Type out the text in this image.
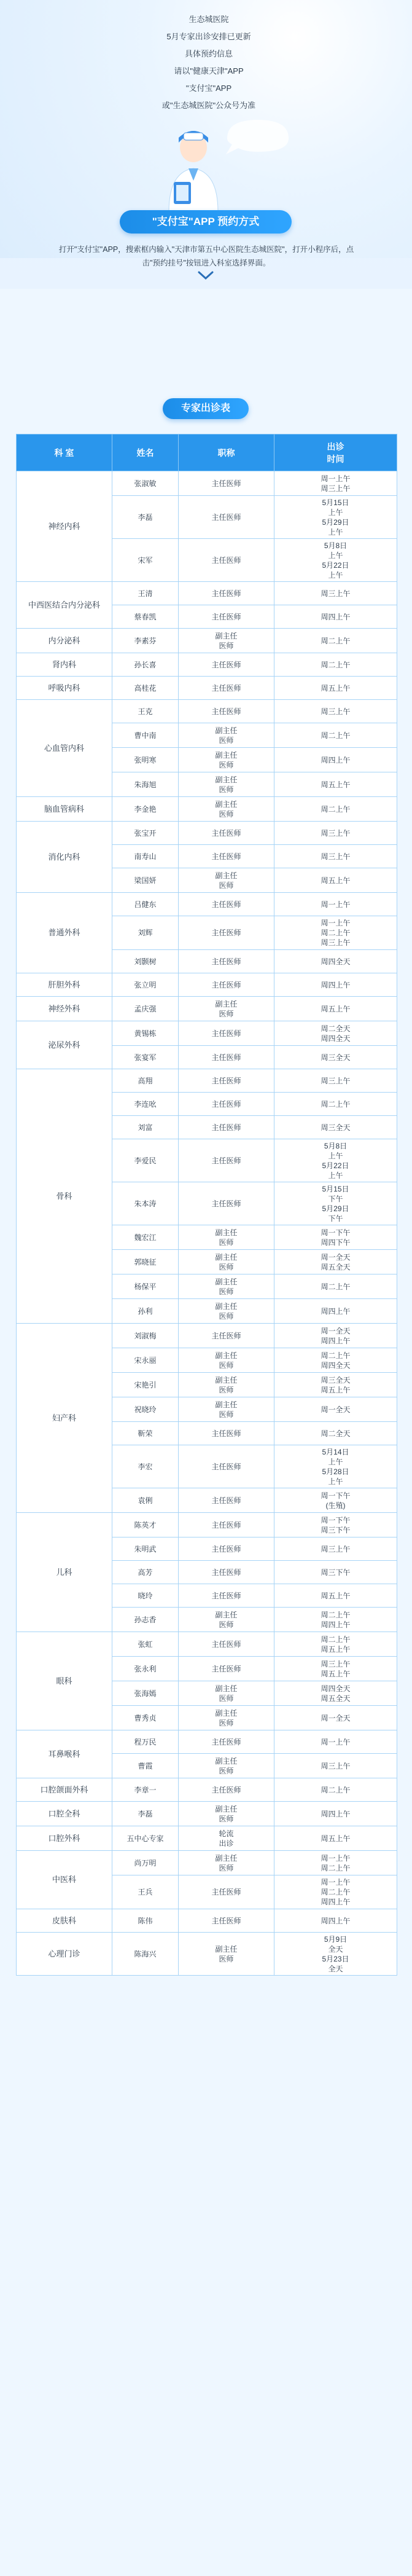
生态城医院
5月专家出诊安排已更新
具体预约信息
请以"健康天津"APP
"支付宝"APP
或"生态城医院"公众号为准
"支付宝"APP 预约方式
打开"支付宝"APP，搜索框内输入"天津市第五中心医院生态城医院"，打开小程序后，点击"预约挂号"按钮进入科室选择界面。
专家出诊表
科 室	姓名	职称	出诊
时间
神经内科	张淑敏	主任医师	周一上午
周三上午
	李磊	主任医师	5月15日
上午
5月29日
上午
	宋军	主任医师	5月8日
上午
5月22日
上午
中西医结合内分泌科	王清	主任医师	周三上午
	蔡春凯	主任医师	周四上午
内分泌科	李素芬	副主任
医师	周二上午
肾内科	孙长喜	主任医师	周二上午
呼吸内科	高桂花	主任医师	周五上午
心血管内科	王克	主任医师	周三上午
	曹中南	副主任
医师	周二上午
	张明寒	副主任
医师	周四上午
	朱海旭	副主任
医师	周五上午
脑血管病科	李金艳	副主任
医师	周二上午
消化内科	张宝开	主任医师	周三上午
	南寿山	主任医师	周三上午
	梁国妍	副主任
医师	周五上午
普通外科	吕健东	主任医师	周一上午
	刘辉	主任医师	周一上午
周二上午
周三上午
	刘颢树	主任医师	周四全天
肝胆外科	张立明	主任医师	周四上午
神经外科	孟庆强	副主任
医师	周五上午
泌尿外科	黄锡栋	主任医师	周二全天
周四全天
	张宴军	主任医师	周三全天
骨科	高翔	主任医师	周三上午
	李连吆	主任医师	周二上午
	刘富	主任医师	周三全天
	李爱民	主任医师	5月8日
上午
5月22日
上午
	朱本涛	主任医师	5月15日
下午
5月29日
下午
	魏宏江	副主任
医师	周一下午
周四下午
	郭晓征	副主任
医师	周一全天
周五全天
	杨保平	副主任
医师	周二上午
	孙利	副主任
医师	周四上午
妇产科	刘淑梅	主任医师	周一全天
周四上午
	宋永丽	副主任
医师	周二上午
周四全天
	宋艳引	副主任
医师	周三全天
周五上午
	祝晓玲	副主任
医师	周一全天
	靳荣	主任医师	周二全天
	李宏	主任医师	5月14日
上午
5月28日
上午
	袁俐	主任医师	周一下午
(生殖)
儿科	陈英才	主任医师	周一下午
周三下午
	朱明武	主任医师	周三上午
	高芳	主任医师	周三下午
	晓玲	主任医师	周五上午
	孙志香	副主任
医师	周二上午
周四上午
眼科	张虹	主任医师	周二上午
周五上午
	张永利	主任医师	周三上午
周五上午
	张海嫣	副主任
医师	周四全天
周五全天
	曹秀贞	副主任
医师	周一全天
耳鼻喉科	程万民	主任医师	周一上午
	曹霞	副主任
医师	周三上午
口腔颌面外科	李章一	主任医师	周二上午
口腔全科	李磊	副主任
医师	周四上午
口腔外科	五中心专家	轮流
出诊	周五上午
中医科	尚万明	副主任
医师	周一上午
周二上午
	王兵	主任医师	周一上午
周二上午
周四上午
皮肤科	陈伟	主任医师	周四上午
心理门诊	陈海兴	副主任
医师	5月9日
全天
5月23日
全天
